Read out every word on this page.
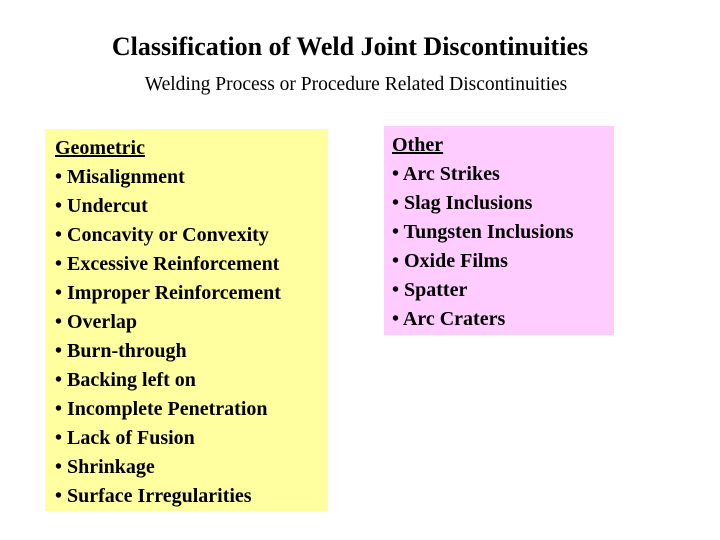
Classification of Weld Joint Discontinuities
Welding Process or Procedure Related Discontinuities
Geometric
• Misalignment
• Undercut
• Concavity or Convexity
• Excessive Reinforcement
• Improper Reinforcement
• Overlap
• Burn-through
• Backing left on
• Incomplete Penetration
• Lack of Fusion
• Shrinkage
• Surface Irregularities
Other
• Arc Strikes
• Slag Inclusions
• Tungsten Inclusions
• Oxide Films
• Spatter
• Arc Craters
